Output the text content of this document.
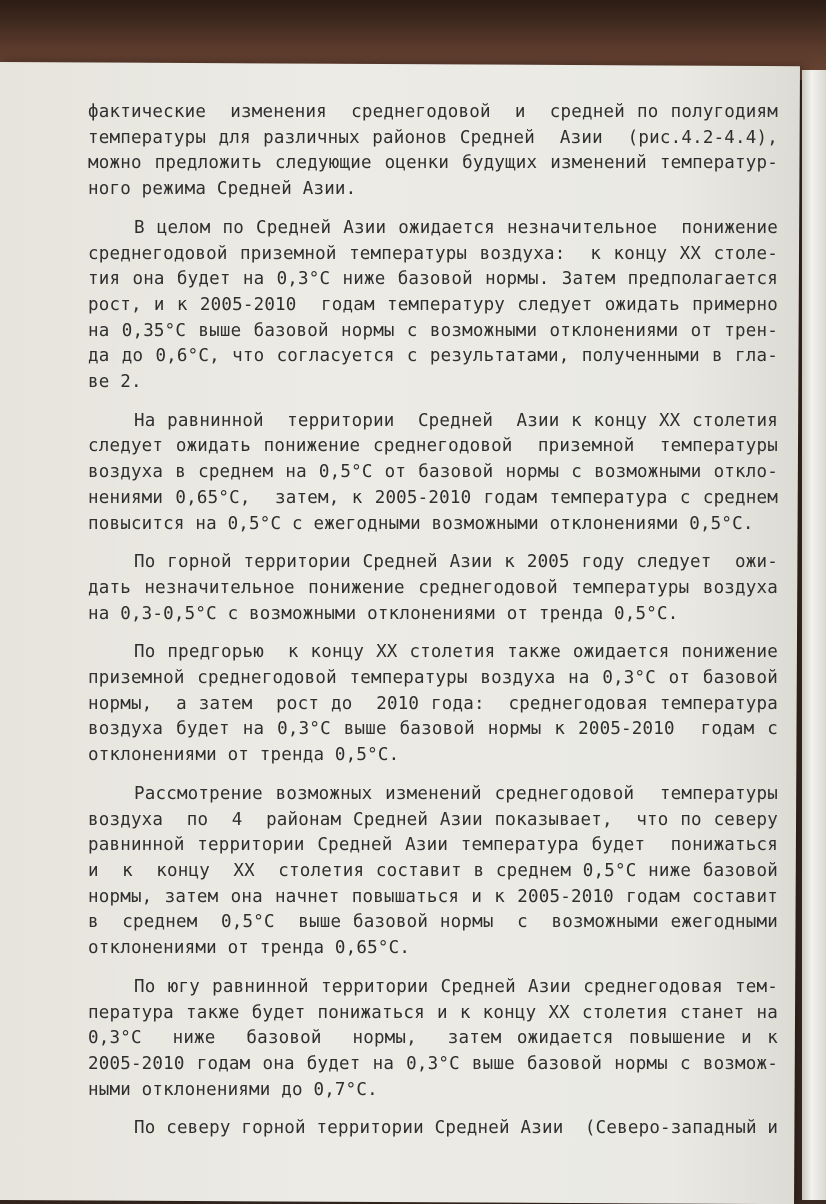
фактические  изменения  среднегодовой  и  средней по полугодиям
температуры для различных районов Средней  Азии  (рис.4.2-4.4),
можно предложить следующие оценки будущих изменений температур-
ного режима Средней Азии.
В целом по Средней Азии ожидается незначительное  понижение
среднегодовой приземной температуры воздуха:  к концу XX столе-
тия она будет на 0,3°С ниже базовой нормы. Затем предполагается
рост, и к 2005-2010  годам температуру следует ожидать примерно
на 0,35°С выше базовой нормы с возможными отклонениями от трен-
да до 0,6°С, что согласуется с результатами, полученными в гла-
ве 2.
На равнинной  территории  Средней  Азии к концу XX столетия
следует ожидать понижение среднегодовой  приземной  температуры
воздуха в среднем на 0,5°С от базовой нормы с возможными откло-
нениями 0,65°С,  затем, к 2005-2010 годам температура с среднем
повысится на 0,5°С с ежегодными возможными отклонениями 0,5°С.
По горной территории Средней Азии к 2005 году следует  ожи-
дать незначительное понижение среднегодовой температуры воздуха
на 0,3-0,5°С с возможными отклонениями от тренда 0,5°С.
По предгорью  к концу XX столетия также ожидается понижение
приземной среднегодовой температуры воздуха на 0,3°С от базовой
нормы,  а затем  рост до  2010 года:  среднегодовая температура
воздуха будет на 0,3°С выше базовой нормы к 2005-2010  годам с
отклонениями от тренда 0,5°С.
Рассмотрение возможных изменений среднегодовой  температуры
воздуха  по  4  районам Средней Азии показывает,  что по северу
равнинной территории Средней Азии температура будет  понижаться
и  к  концу  XX  столетия составит в среднем 0,5°С ниже базовой
нормы, затем она начнет повышаться и к 2005-2010 годам составит
в  среднем  0,5°С  выше базовой нормы  с  возможными ежегодными
отклонениями от тренда 0,65°С.
По югу равнинной территории Средней Азии среднегодовая тем-
пература также будет понижаться и к концу XX столетия станет на
0,3°С  ниже  базовой  нормы,  затем ожидается повышение и к
2005-2010 годам она будет на 0,3°С выше базовой нормы с возмож-
ными отклонениями до 0,7°С.
По северу горной территории Средней Азии  (Северо-западный и
